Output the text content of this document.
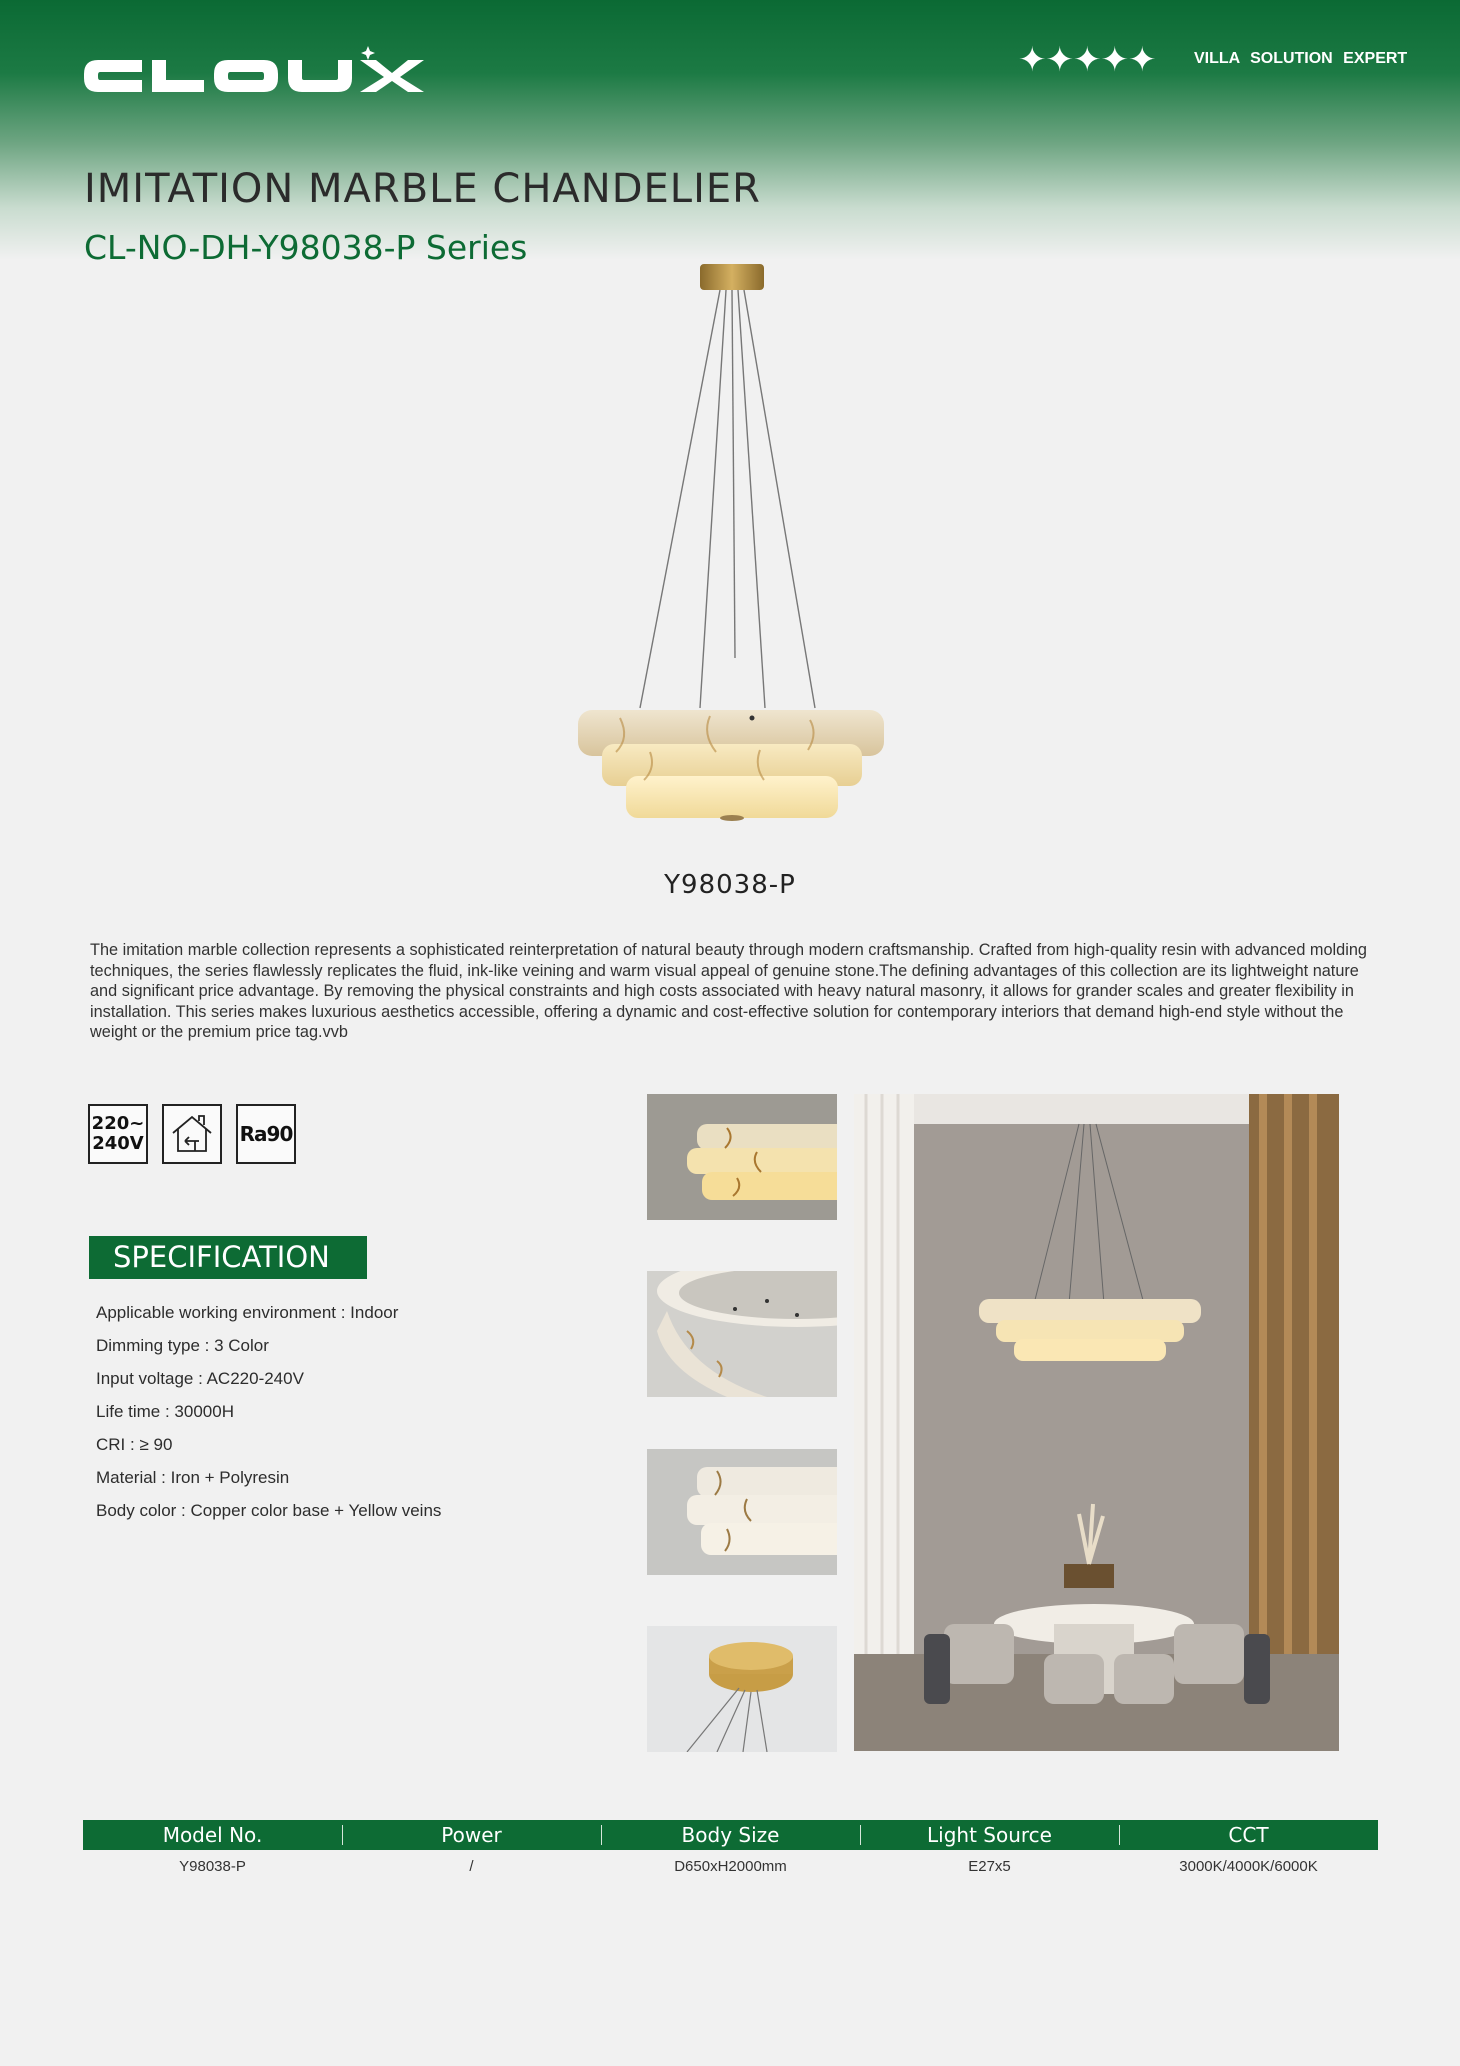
✦✦✦✦✦ VILLA SOLUTION EXPERT
IMITATION MARBLE CHANDELIER
CL-NO-DH-Y98038-P Series
Y98038-P
The imitation marble collection represents a sophisticated reinterpretation of natural beauty through modern craftsmanship. Crafted from high-quality resin with advanced molding techniques, the series flawlessly replicates the fluid, ink-like veining and warm visual appeal of genuine stone.The defining advantages of this collection are its lightweight nature and significant price advantage. By removing the physical constraints and high costs associated with heavy natural masonry, it allows for grander scales and greater flexibility in installation. This series makes luxurious aesthetics accessible, offering a dynamic and cost-effective solution for contemporary interiors that demand high-end style without the weight or the premium price tag.vvb
220~
240V	Ra90
SPECIFICATION
Applicable working environment : Indoor
Dimming type : 3 Color
Input voltage : AC220-240V
Life time : 30000H
CRI : ≥ 90
Material : Iron + Polyresin
Body color : Copper color base + Yellow veins
Model No.	Power	Body Size	Light Source	CCT
Y98038-P	/	D650xH2000mm	E27x5	3000K/4000K/6000K
